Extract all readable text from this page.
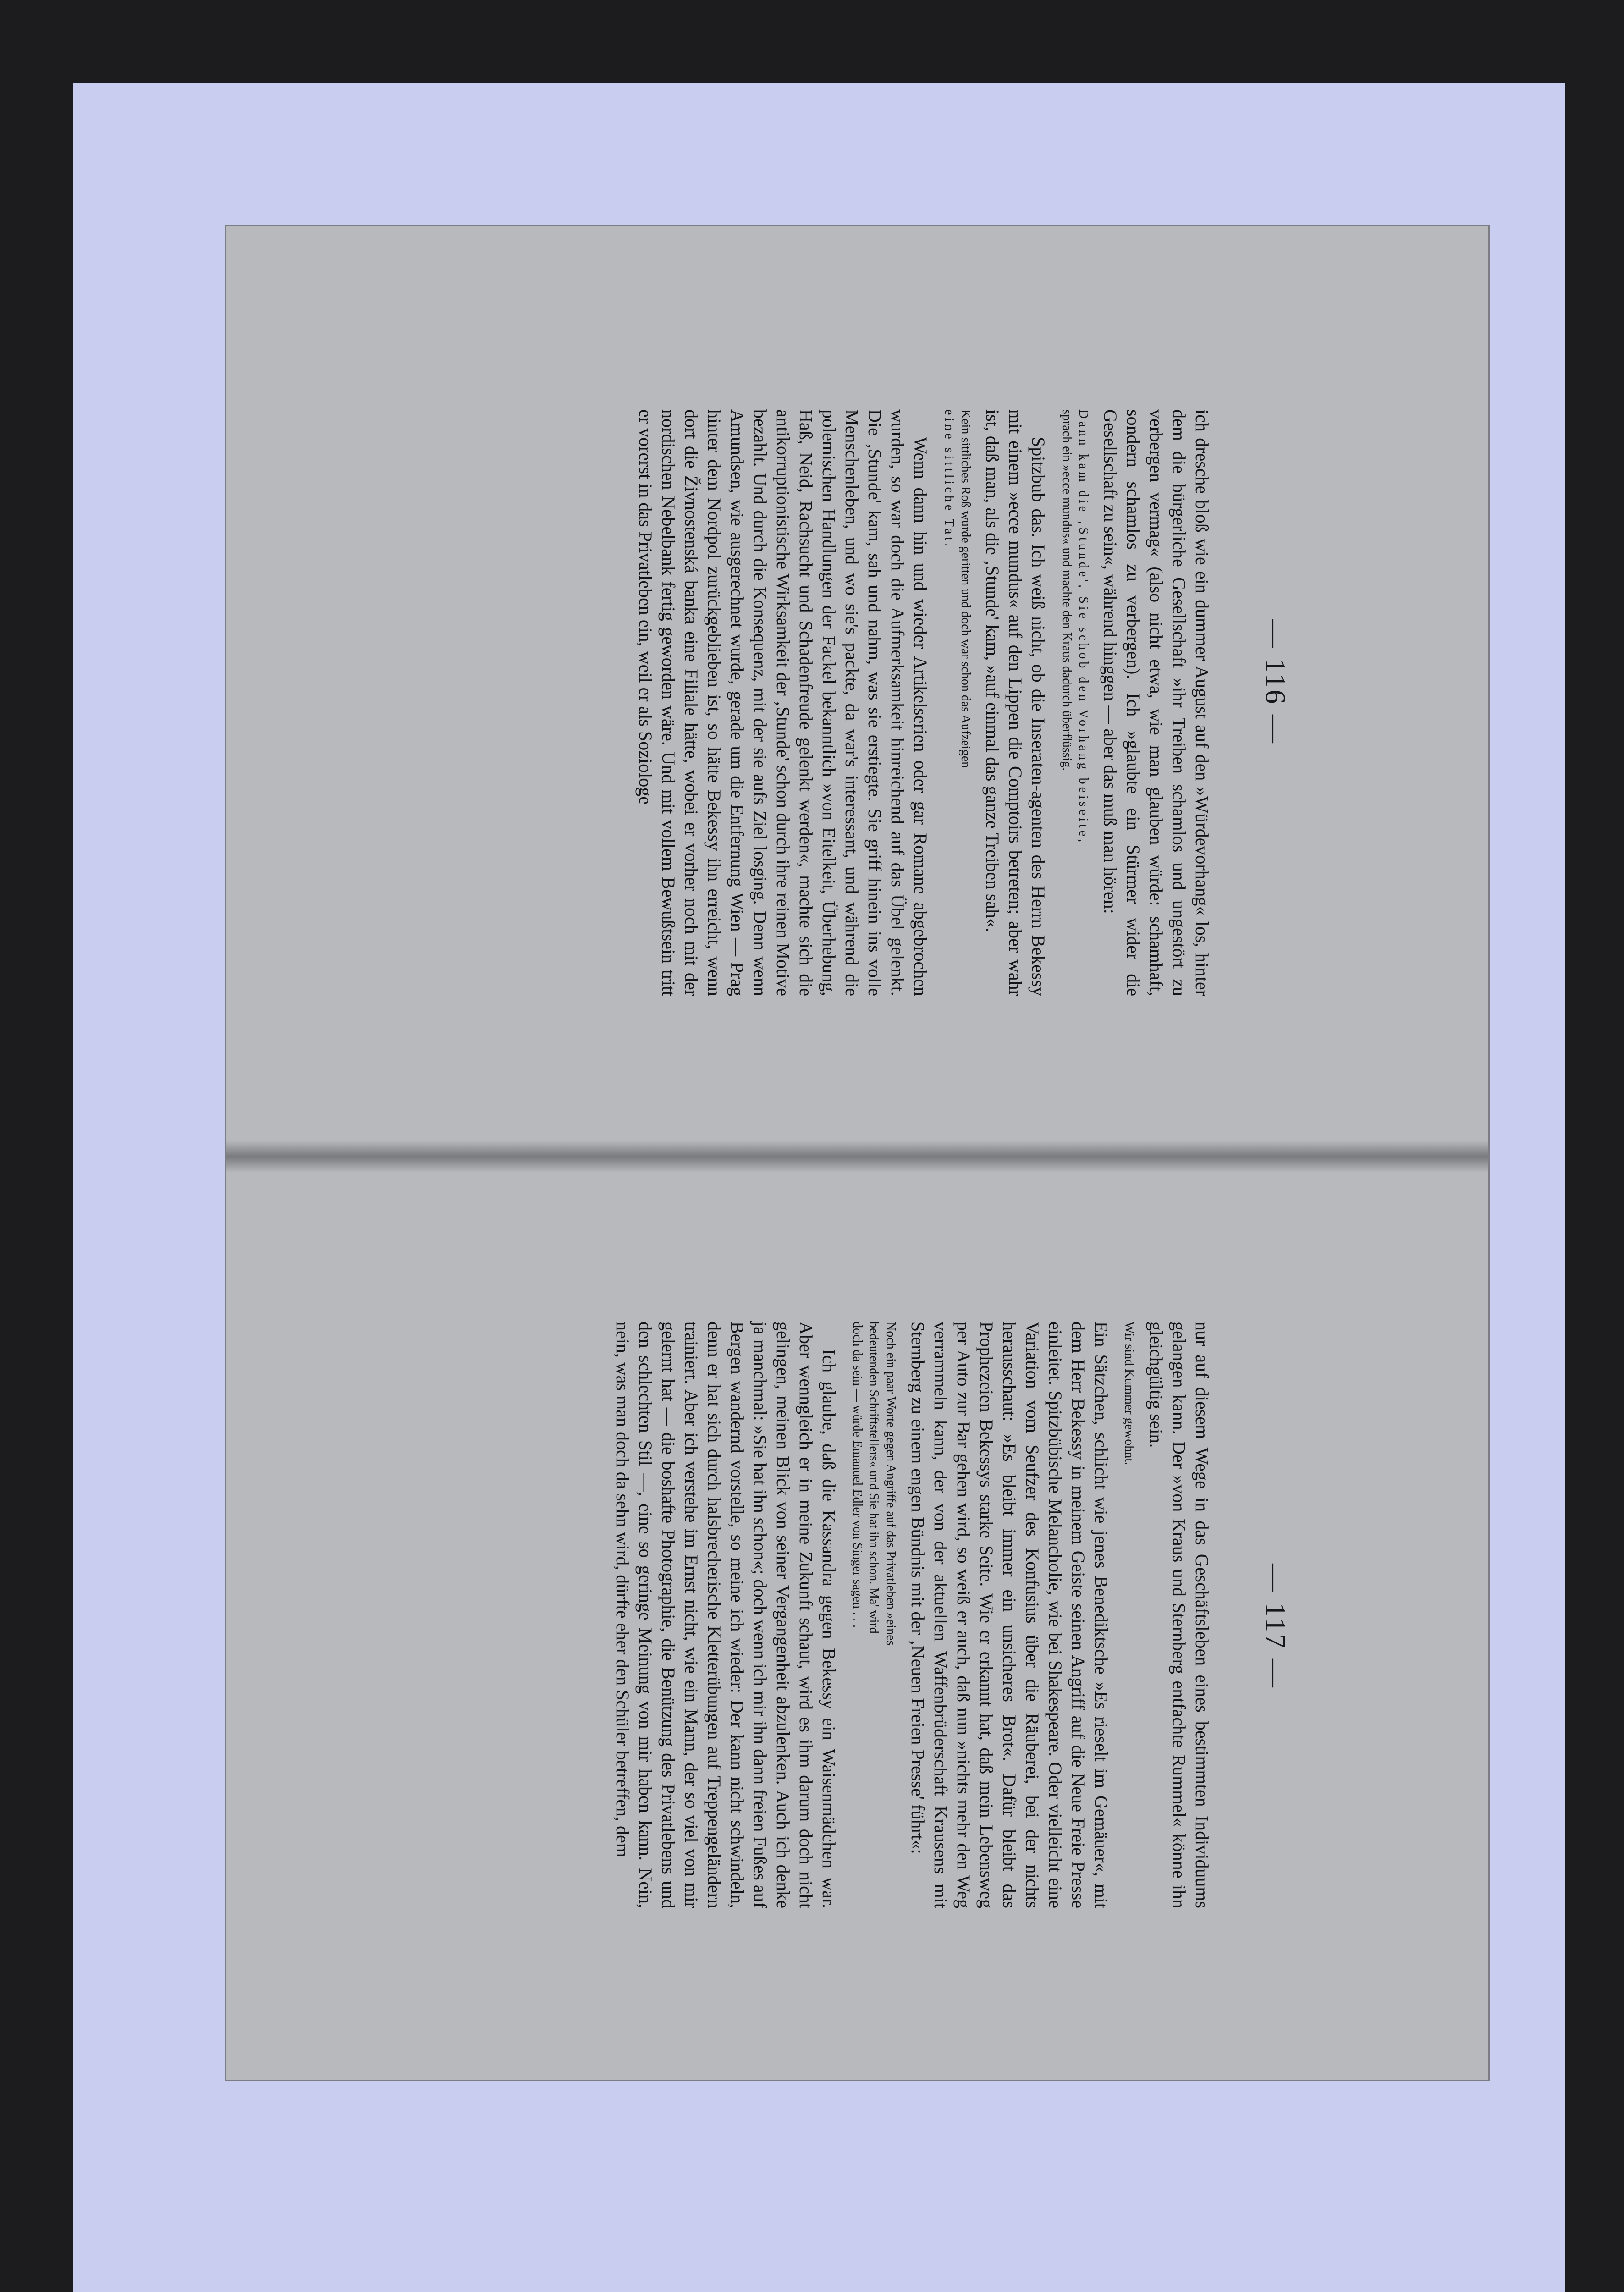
— 116 —

ich dresche bloß wie ein dummer August auf den »Würdevorhang« los, hinter dem die bürgerliche Gesellschaft »ihr Treiben schamlos und ungestört zu verbergen vermag« (also nicht etwa, wie man glauben würde: schamhaft, sondern schamlos zu verbergen). Ich »glaubte ein Stürmer wider die Gesellschaft zu sein«, während hinggen — aber das muß man hören:

Dann kam die ‚Stunde', Sie schob den Vorhang beiseite,
sprach ein »ecce mundus« und machte den Kraus dadurch überflüssig.

Spitzbub das. Ich weiß nicht, ob die Inseraten-agenten des Herrn Bekessy mit einem »ecce mundus« auf den Lippen die Comptoirs betreten; aber wahr ist, daß man, als die ‚Stunde' kam, »auf einmal das ganze Treiben sah«.

Kein sittliches Roß wurde geritten und doch war schon das Aufzeigen
eine sittliche Tat.

Wenn dann hin und wieder Artikelserien oder gar Romane abgebrochen wurden, so war doch die Aufmerksamkeit hinreichend auf das Übel gelenkt. Die ‚Stunde' kam, sah und nahm, was sie erstiegte. Sie griff hinein ins volle Menschenleben, und wo sie's packte, da war's interessant, und während die polemischen Handlungen der Fackel bekanntlich »von Eitelkeit, Überhebung, Haß, Neid, Rachsucht und Schadenfreude gelenkt werden«, machte sich die antikorruptionistische Wirksamkeit der ‚Stunde' schon durch ihre reinen Motive bezahlt. Und durch die Konsequenz, mit der sie aufs Ziel losging. Denn wenn Amundsen, wie ausgerechnet wurde, gerade um die Entfernung Wien — Prag hinter dem Nordpol zurückgeblieben ist, so hätte Bekessy ihn erreicht, wenn dort die Živnostenská banka eine Filiale hätte, wobei er vorher noch mit der nordischen Nebelbank fertig geworden wäre. Und mit vollem Bewußtsein tritt er vorerst in das Privatleben ein, weil er als Soziologe

— 117 —

nur auf diesem Wege in das Geschäftsleben eines bestimmten Individuums gelangen kann. Der »von Kraus und Sternberg entfachte Rummel« könne ihn gleichgültig sein.

Wir sind Kummer gewohnt.

Ein Sätzchen, schlicht wie jenes Benediktsche »Es rieselt im Gemäuer«, mit dem Herr Bekessy in meinem Geiste seinen Angriff auf die Neue Freie Presse einleitet. Spitzbübische Melancholie, wie bei Shakespeare. Oder vielleicht eine Variation vom Seufzer des Konfusius über die Räuberei, bei der nichts herausschaut: »Es bleibt immer ein unsicheres Brot«. Dafür bleibt das Prophezeien Bekessys starke Seite. Wie er erkannt hat, daß mein Lebensweg per Auto zur Bar gehen wird, so weiß er auch, daß nun »nichts mehr den Weg verrammeln kann, der von der aktuellen Waffenbrüderschaft Krausens mit Sternberg zu einem engen Bündnis mit der ‚Neuen Freien Presse' führt«:

Noch ein paar Worte gegen Angriffe auf das Privatleben »eines
bedeutenden Schriftstellers« und Sie hat ihn schon. Ma' wird
doch da sein — würde Emanuel Edler von Singer sagen . . .

Ich glaube, daß die Kassandra gegen Bekessy ein Waisenmädchen war. Aber wenngleich er in meine Zukunft schaut, wird es ihm darum doch nicht gelingen, meinen Blick von seiner Vergangenheit abzulenken. Auch ich denke ja manchmal: »Sie hat ihn schon«; doch wenn ich mir ihn dann freien Fußes auf Bergen wandernd vorstelle, so meine ich wieder: Der kann nicht schwindeln, denn er hat sich durch halsbrecherische Kletterübungen auf Treppengeländern trainiert. Aber ich verstehe im Ernst nicht, wie ein Mann, der so viel von mir gelernt hat — die boshafte Photographie, die Benützung des Privatlebens und den schlechten Stil —, eine so geringe Meinung von mir haben kann. Nein, nein, was man doch da sehn wird, dürfte eher den Schüler betreffen, dem
